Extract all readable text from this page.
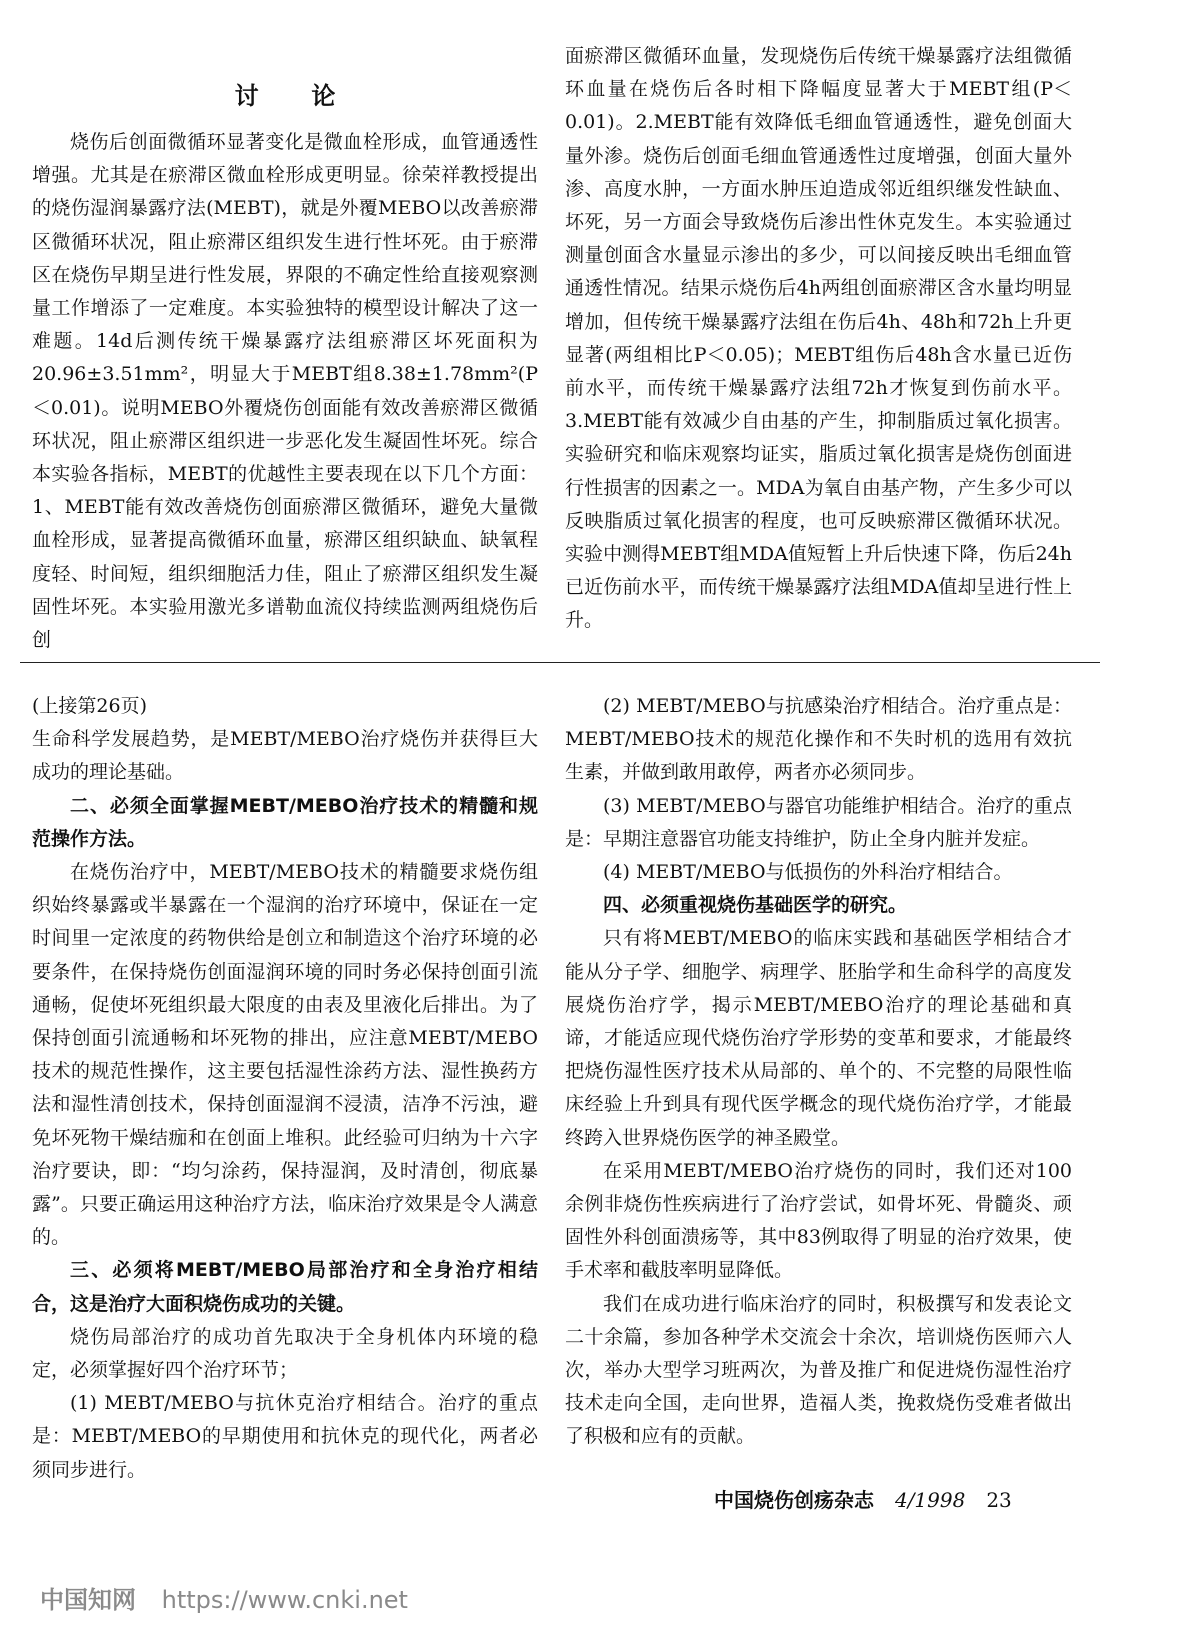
讨论

烧伤后创面微循环显著变化是微血栓形成，血管通透性增强。尤其是在瘀滞区微血栓形成更明显。徐荣祥教授提出的烧伤湿润暴露疗法(MEBT)，就是外覆MEBO以改善瘀滞区微循环状况，阻止瘀滞区组织发生进行性坏死。由于瘀滞区在烧伤早期呈进行性发展，界限的不确定性给直接观察测量工作增添了一定难度。本实验独特的模型设计解决了这一难题。14d后测传统干燥暴露疗法组瘀滞区坏死面积为20.96±3.51mm²，明显大于MEBT组8.38±1.78mm²(P＜0.01)。说明MEBO外覆烧伤创面能有效改善瘀滞区微循环状况，阻止瘀滞区组织进一步恶化发生凝固性坏死。综合本实验各指标，MEBT的优越性主要表现在以下几个方面：1、MEBT能有效改善烧伤创面瘀滞区微循环，避免大量微血栓形成，显著提高微循环血量，瘀滞区组织缺血、缺氧程度轻、时间短，组织细胞活力佳，阻止了瘀滞区组织发生凝固性坏死。本实验用激光多谱勒血流仪持续监测两组烧伤后创

面瘀滞区微循环血量，发现烧伤后传统干燥暴露疗法组微循环血量在烧伤后各时相下降幅度显著大于MEBT组(P＜0.01)。2.MEBT能有效降低毛细血管通透性，避免创面大量外渗。烧伤后创面毛细血管通透性过度增强，创面大量外渗、高度水肿，一方面水肿压迫造成邻近组织继发性缺血、坏死，另一方面会导致烧伤后渗出性休克发生。本实验通过测量创面含水量显示渗出的多少，可以间接反映出毛细血管通透性情况。结果示烧伤后4h两组创面瘀滞区含水量均明显增加，但传统干燥暴露疗法组在伤后4h、48h和72h上升更显著(两组相比P＜0.05)；MEBT组伤后48h含水量已近伤前水平，而传统干燥暴露疗法组72h才恢复到伤前水平。3.MEBT能有效减少自由基的产生，抑制脂质过氧化损害。实验研究和临床观察均证实，脂质过氧化损害是烧伤创面进行性损害的因素之一。MDA为氧自由基产物，产生多少可以反映脂质过氧化损害的程度，也可反映瘀滞区微循环状况。实验中测得MEBT组MDA值短暂上升后快速下降，伤后24h已近伤前水平，而传统干燥暴露疗法组MDA值却呈进行性上升。

(上接第26页)

生命科学发展趋势，是MEBT/MEBO治疗烧伤并获得巨大成功的理论基础。

二、必须全面掌握MEBT/MEBO治疗技术的精髓和规范操作方法。

在烧伤治疗中，MEBT/MEBO技术的精髓要求烧伤组织始终暴露或半暴露在一个湿润的治疗环境中，保证在一定时间里一定浓度的药物供给是创立和制造这个治疗环境的必要条件，在保持烧伤创面湿润环境的同时务必保持创面引流通畅，促使坏死组织最大限度的由表及里液化后排出。为了保持创面引流通畅和坏死物的排出，应注意MEBT/MEBO技术的规范性操作，这主要包括湿性涂药方法、湿性换药方法和湿性清创技术，保持创面湿润不浸渍，洁净不污浊，避免坏死物干燥结痂和在创面上堆积。此经验可归纳为十六字治疗要诀，即：“均匀涂药，保持湿润，及时清创，彻底暴露”。只要正确运用这种治疗方法，临床治疗效果是令人满意的。

三、必须将MEBT/MEBO局部治疗和全身治疗相结合，这是治疗大面积烧伤成功的关键。

烧伤局部治疗的成功首先取决于全身机体内环境的稳定，必须掌握好四个治疗环节；

(1) MEBT/MEBO与抗休克治疗相结合。治疗的重点是：MEBT/MEBO的早期使用和抗休克的现代化，两者必须同步进行。

(2) MEBT/MEBO与抗感染治疗相结合。治疗重点是：MEBT/MEBO技术的规范化操作和不失时机的选用有效抗生素，并做到敢用敢停，两者亦必须同步。

(3) MEBT/MEBO与器官功能维护相结合。治疗的重点是：早期注意器官功能支持维护，防止全身内脏并发症。

(4) MEBT/MEBO与低损伤的外科治疗相结合。

四、必须重视烧伤基础医学的研究。

只有将MEBT/MEBO的临床实践和基础医学相结合才能从分子学、细胞学、病理学、胚胎学和生命科学的高度发展烧伤治疗学，揭示MEBT/MEBO治疗的理论基础和真谛，才能适应现代烧伤治疗学形势的变革和要求，才能最终把烧伤湿性医疗技术从局部的、单个的、不完整的局限性临床经验上升到具有现代医学概念的现代烧伤治疗学，才能最终跨入世界烧伤医学的神圣殿堂。

在采用MEBT/MEBO治疗烧伤的同时，我们还对100余例非烧伤性疾病进行了治疗尝试，如骨坏死、骨髓炎、顽固性外科创面溃疡等，其中83例取得了明显的治疗效果，使手术率和截肢率明显降低。

我们在成功进行临床治疗的同时，积极撰写和发表论文二十余篇，参加各种学术交流会十余次，培训烧伤医师六人次，举办大型学习班两次，为普及推广和促进烧伤湿性治疗技术走向全国，走向世界，造福人类，挽救烧伤受难者做出了积极和应有的贡献。

中国烧伤创疡杂志 4/1998 23
中国知网 https://www.cnki.net
